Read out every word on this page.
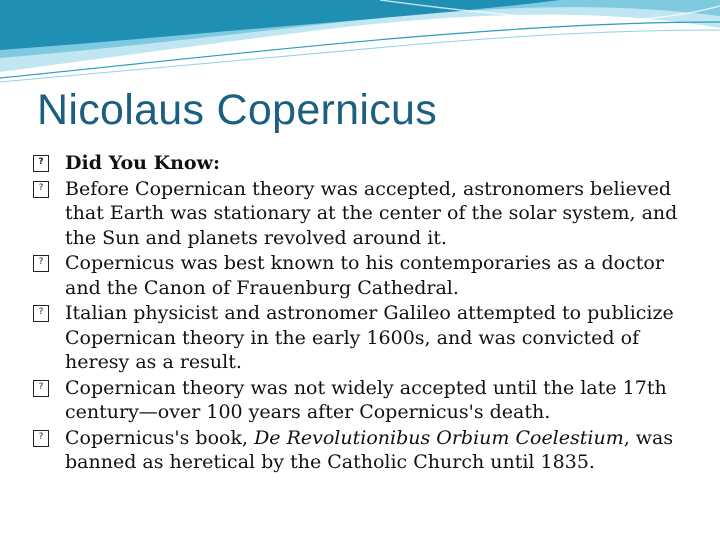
Nicolaus Copernicus
?
Did You Know:
?
Before Copernican theory was accepted, astronomers believed that Earth was stationary at the center of the solar system, and the Sun and planets revolved around it.
?
Copernicus was best known to his contemporaries as a doctor and the Canon of Frauenburg Cathedral.
?
Italian physicist and astronomer Galileo attempted to publicize Copernican theory in the early 1600s, and was convicted of heresy as a result.
?
Copernican theory was not widely accepted until the late 17th century—over 100 years after Copernicus's death.
?
Copernicus's book, De Revolutionibus Orbium Coelestium, was banned as heretical by the Catholic Church until 1835.
